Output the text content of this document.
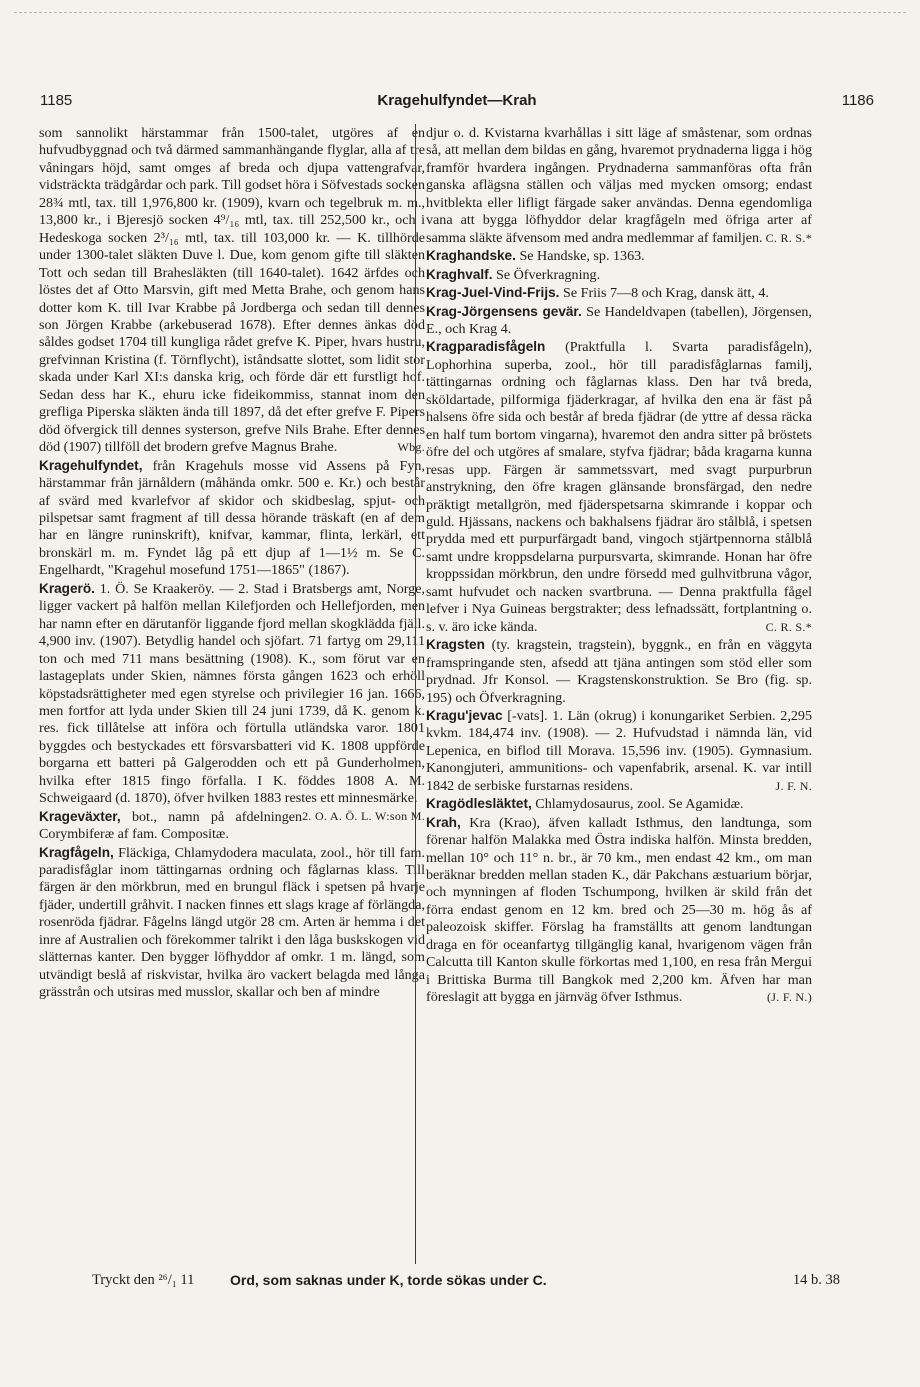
1185	Kragehulfyndet—Krah	1186

som sannolikt härstammar från 1500-talet, utgöres af en hufvudbyggnad och två därmed sammanhängande flyglar, alla af tre våningars höjd, samt omges af breda och djupa vattengrafvar, vidsträckta trädgårdar och park. Till godset höra i Söfvestads socken 28¾ mtl, tax. till 1,976,800 kr. (1909), kvarn och tegelbruk m. m., 13,800 kr., i Bjeresjö socken 4⁹/₁₆ mtl, tax. till 252,500 kr., och i Hedeskoga socken 2³/₁₆ mtl, tax. till 103,000 kr. — K. tillhörde under 1300-talet släkten Duve l. Due, kom genom gifte till släkten Tott och sedan till Brahesläkten (till 1640-talet). 1642 ärfdes och löstes det af Otto Marsvin, gift med Metta Brahe, och genom hans dotter kom K. till Ivar Krabbe på Jordberga och sedan till dennes son Jörgen Krabbe (arkebuserad 1678). Efter dennes änkas död såldes godset 1704 till kungliga rådet grefve K. Piper, hvars hustru, grefvinnan Kristina (f. Törnflycht), iståndsatte slottet, som lidit stor skada under Karl XI:s danska krig, och förde där ett furstligt hof. Sedan dess har K., ehuru icke fideikommiss, stannat inom den grefliga Piperska släkten ända till 1897, då det efter grefve F. Pipers död öfvergick till dennes systerson, grefve Nils Brahe. Efter dennes död (1907) tillföll det brodern grefve Magnus Brahe.	Wbg.

Kragehulfyndet, från Kragehuls mosse vid Assens på Fyn, härstammar från järnåldern (måhända omkr. 500 e. Kr.) och består af svärd med kvarlefvor af skidor och skidbeslag, spjut- och pilspetsar samt fragment af till dessa hörande träskaft (en af dem har en längre runinskrift), knifvar, kammar, flinta, lerkärl, ett bronskärl m. m. Fyndet låg på ett djup af 1—1½ m. Se C. Engelhardt, "Kragehul mosefund 1751—1865" (1867).

Kragerö. 1. Ö. Se Kraakeröy. — 2. Stad i Bratsbergs amt, Norge, ligger vackert på halfön mellan Kilefjorden och Hellefjorden, men har namn efter en därutanför liggande fjord mellan skogklädda fjäll. 4,900 inv. (1907). Betydlig handel och sjöfart. 71 fartyg om 29,111 ton och med 711 mans besättning (1908). K., som förut var en lastageplats under Skien, nämnes första gången 1623 och erhöll köpstadsrättigheter med egen styrelse och privilegier 16 jan. 1666, men fortfor att lyda under Skien till 24 juni 1739, då K. genom k. res. fick tillåtelse att införa och förtulla utländska varor. 1801 byggdes och bestyckades ett försvarsbatteri vid K. 1808 uppförde borgarna ett batteri på Galgerodden och ett på Gunderholmen, hvilka efter 1815 fingo förfalla. I K. föddes 1808 A. M. Schweigaard (d. 1870), öfver hvilken 1883 restes ett minnesmärke.
2. O. A. Ö. L. W:son M.

Krageväxter, bot., namn på afdelningen Corymbiferæ af fam. Compositæ.

Kragfågeln, Fläckiga, Chlamydodera maculata, zool., hör till fam. paradisfåglar inom tättingarnas ordning och fåglarnas klass. Till färgen är den mörkbrun, med en brungul fläck i spetsen på hvarje fjäder, undertill gråhvit. I nacken finnes ett slags krage af förlängda, rosenröda fjädrar. Fågelns längd utgör 28 cm. Arten är hemma i det inre af Australien och förekommer talrikt i den låga buskskogen vid slätternas kanter. Den bygger löfhyddor af omkr. 1 m. längd, som utvändigt beslå af riskvistar, hvilka äro vackert belagda med långa grässtrån och utsiras med musslor, skallar och ben af mindre

djur o. d. Kvistarna kvarhållas i sitt läge af småstenar, som ordnas så, att mellan dem bildas en gång, hvaremot prydnaderna ligga i hög framför hvardera ingången. Prydnaderna sammanföras ofta från ganska aflägsna ställen och väljas med mycken omsorg; endast hvitblekta eller lifligt färgade saker användas. Denna egendomliga vana att bygga löfhyddor delar kragfågeln med öfriga arter af samma släkte äfvensom med andra medlemmar af familjen. C. R. S.*

Kraghandske. Se Handske, sp. 1363.

Kraghvalf. Se Öfverkragning.

Krag-Juel-Vind-Frijs. Se Friis 7—8 och Krag, dansk ätt, 4.

Krag-Jörgensens gevär. Se Handeldvapen (tabellen), Jörgensen, E., och Krag 4.

Kragparadisfågeln (Praktfulla l. Svarta paradisfågeln), Lophorhina superba, zool., hör till paradisfåglarnas familj, tättingarnas ordning och fåglarnas klass. Den har två breda, sköldartade, pilformiga fjäderkragar, af hvilka den ena är fäst på halsens öfre sida och består af breda fjädrar (de yttre af dessa räcka en half tum bortom vingarna), hvaremot den andra sitter på bröstets öfre del och utgöres af smalare, styfva fjädrar; båda kragarna kunna resas upp. Färgen är sammetssvart, med svagt purpurbrun anstrykning, den öfre kragen glänsande bronsfärgad, den nedre präktigt metallgrön, med fjäderspetsarna skimrande i koppar och guld. Hjässans, nackens och bakhalsens fjädrar äro stålblå, i spetsen prydda med ett purpurfärgadt band, vingoch stjärtpennorna stålblå samt undre kroppsdelarna purpursvarta, skimrande. Honan har öfre kroppssidan mörkbrun, den undre försedd med gulhvitbruna vågor, samt hufvudet och nacken svartbruna. — Denna praktfulla fågel lefver i Nya Guineas bergstrakter; dess lefnadssätt, fortplantning o. s. v. äro icke kända.	C. R. S.*

Kragsten (ty. kragstein, tragstein), byggnk., en från en väggyta framspringande sten, afsedd att tjäna antingen som stöd eller som prydnad. Jfr Konsol. — Kragstenskonstruktion. Se Bro (fig. sp. 195) och Öfverkragning.

Kragu'jevac [-vats]. 1. Län (okrug) i konungariket Serbien. 2,295 kvkm. 184,474 inv. (1908). — 2. Hufvudstad i nämnda län, vid Lepenica, en biflod till Morava. 15,596 inv. (1905). Gymnasium. Kanongjuteri, ammunitions- och vapenfabrik, arsenal. K. var intill 1842 de serbiske furstarnas residens.	J. F. N.

Kragödlesläktet, Chlamydosaurus, zool. Se Agamidæ.

Krah, Kra (Krao), äfven kalladt Isthmus, den landtunga, som förenar halfön Malakka med Östra indiska halfön. Minsta bredden, mellan 10° och 11° n. br., är 70 km., men endast 42 km., om man beräknar bredden mellan staden K., där Pakchans æstuarium börjar, och mynningen af floden Tschumpong, hvilken är skild från det förra endast genom en 12 km. bred och 25—30 m. hög ås af paleozoisk skiffer. Förslag ha framställts att genom landtungan draga en för oceanfartyg tillgänglig kanal, hvarigenom vägen från Calcutta till Kanton skulle förkortas med 1,100, en resa från Mergui i Brittiska Burma till Bangkok med 2,200 km. Äfven har man föreslagit att bygga en järnväg öfver Isthmus.	(J. F. N.)

Tryckt den ²⁶/₁ 11	Ord, som saknas under K, torde sökas under C.	14 b. 38
